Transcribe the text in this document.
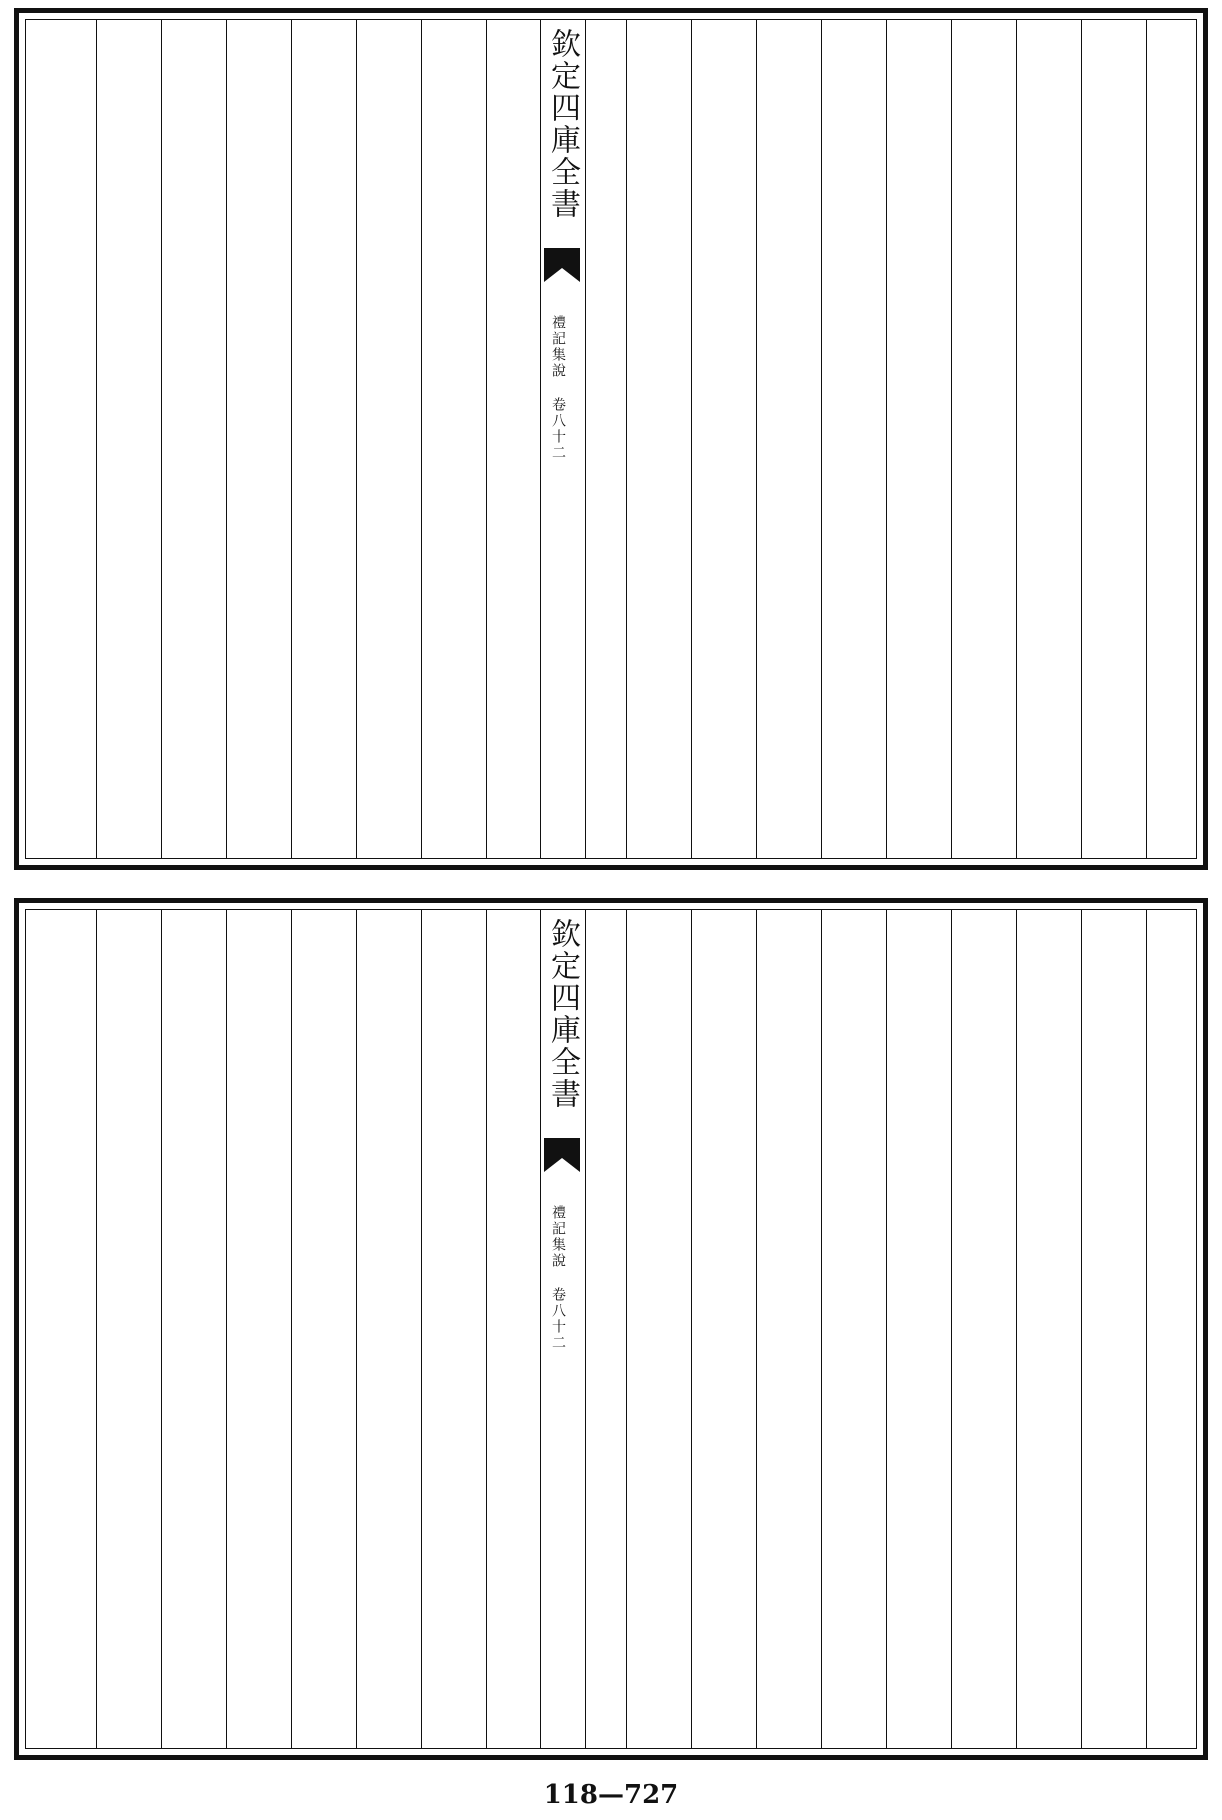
欽定四庫全書
禮記集說 卷八十二
欽定四庫全書
禮記集說 卷八十二
118—727
